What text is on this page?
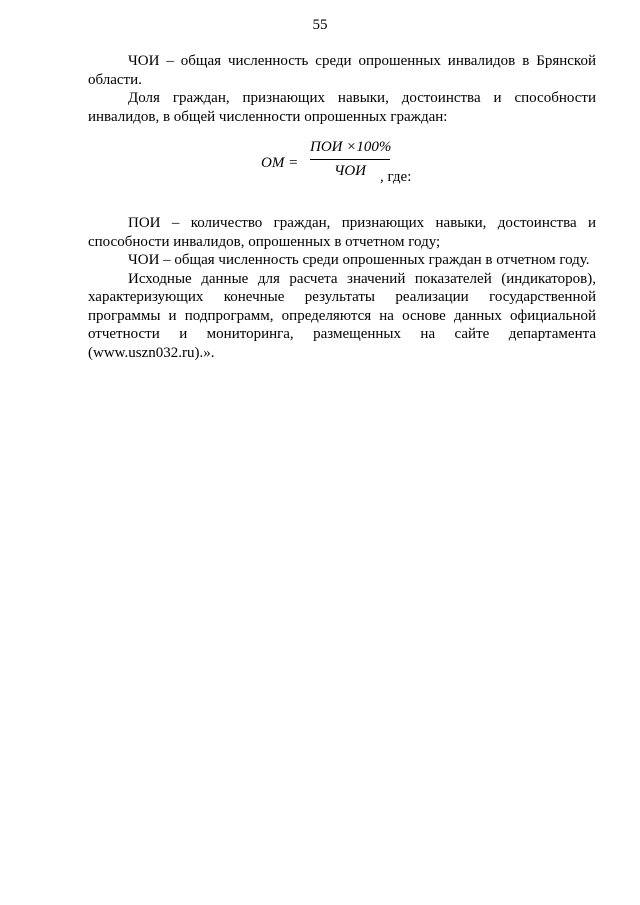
55

ЧОИ – общая численность среди опрошенных инвалидов в Брянской области.

Доля граждан, признающих навыки, достоинства и способности инвалидов, в общей численности опрошенных граждан:

ОМ =
ПОИ ×100%
ЧОИ , где:

ПОИ – количество граждан, признающих навыки, достоинства и способности инвалидов, опрошенных в отчетном году;

ЧОИ – общая численность среди опрошенных граждан в отчетном году.

Исходные данные для расчета значений показателей (индикаторов), характеризующих конечные результаты реализации государственной программы и подпрограмм, определяются на основе данных официальной отчетности и мониторинга, размещенных на сайте департамента (www.uszn032.ru).».
